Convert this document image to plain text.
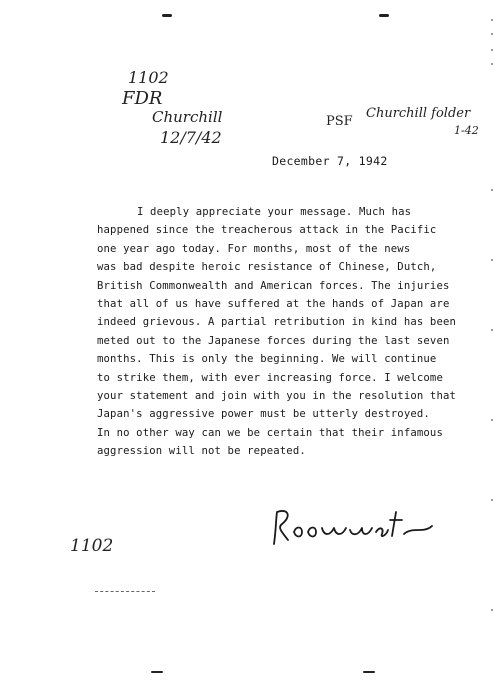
1102
FDR
Churchill
12/7/42
PSF
Churchill folder
1-42
December 7, 1942
I deeply appreciate your message. Much has
happened since the treacherous attack in the Pacific
one year ago today. For months, most of the news
was bad despite heroic resistance of Chinese, Dutch,
British Commonwealth and American forces. The injuries
that all of us have suffered at the hands of Japan are
indeed grievous. A partial retribution in kind has been
meted out to the Japanese forces during the last seven
months. This is only the beginning. We will continue
to strike them, with ever increasing force. I welcome
your statement and join with you in the resolution that
Japan's aggressive power must be utterly destroyed.
In no other way can we be certain that their infamous
aggression will not be repeated.
1102
